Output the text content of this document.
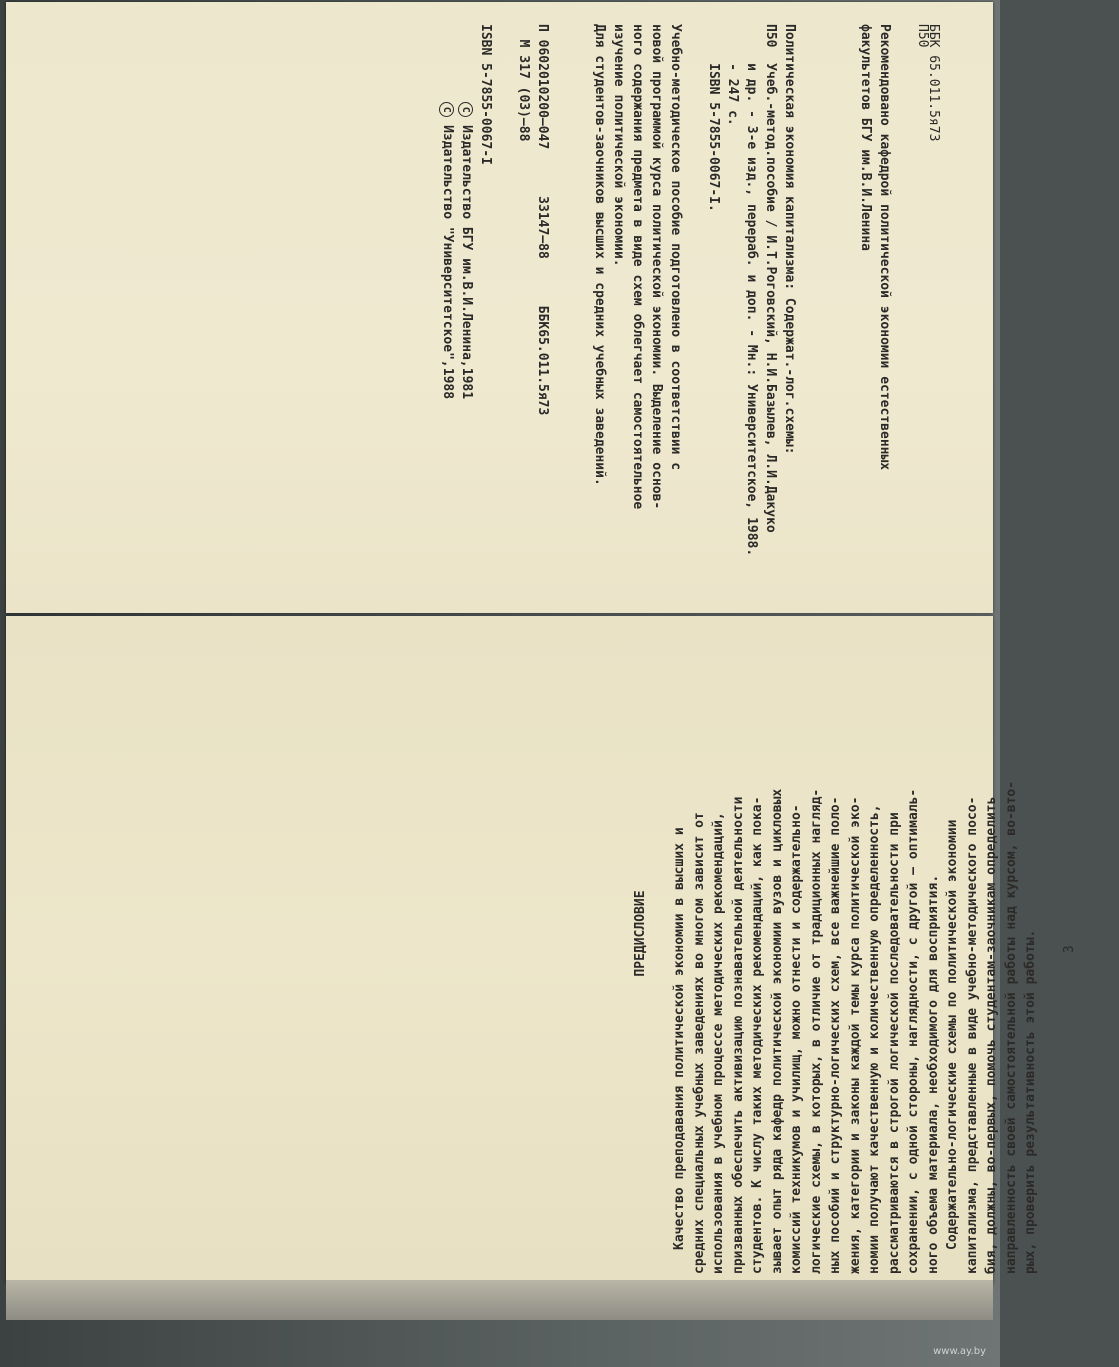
ББК 65.011.5я73
П50

Рекомендовано кафедрой политической экономии естественных
факультетов БГУ им.В.И.Ленина

Политическая экономия капитализма: Содержат.-лог.схемы:
П50  Учеб.-метод.пособие / И.Т.Роговский, Н.И.Базылев, Л.И.Дакуко
и др. - 3-е изд., перераб. и доп. - Мн.: Университетское, 1988.
- 247 с.
ISBN 5-7855-0067-I.

Учебно-методическое пособие подготовлено в соответствии с
новой программой курса политической экономии. Выделение основ-
ного содержания предмета в виде схем облегчает самостоятельное
изучение политической экономии.
Для студентов-заочников высших и средних учебных заведений.

П 0602010200—047      33147—88      ББК65.011.5я73
М 317 (03)—88

ISBN 5-7855-0067-I
C Издательство БГУ им.В.И.Ленина,1981
C Издательство "Университетское",1988

ПРЕДИСЛОВИЕ
Качество преподавания политической экономии в высших и средних специальных учебных заведениях во многом зависит от использования в учебном процессе методических рекомендаций, призванных обеспечить активизацию познавательной деятельности студентов. К числу таких методических рекомендаций, как пока- зывает опыт ряда кафедр политической экономии вузов и цикловых комиссий техникумов и училищ, можно отнести и содержательно- логические схемы, в которых, в отличие от традиционных нагляд- ных пособий и структурно-логических схем, все важнейшие поло- жения, категории и законы каждой темы курса политической эко- номии получают качественную и количественную определенность, рассматриваются в строгой логической последовательности при сохранении, с одной стороны, наглядности, с другой — оптималь- ного объема материала, необходимого для восприятия. Содержательно-логические схемы по политической экономии капитализма, представленные в виде учебно-методического посо- бия, должны, во-первых, помочь студентам-заочникам определить направленность своей самостоятельной работы над курсом, во-вто- рых, проверить результативность этой работы.
3

www.ay.by
